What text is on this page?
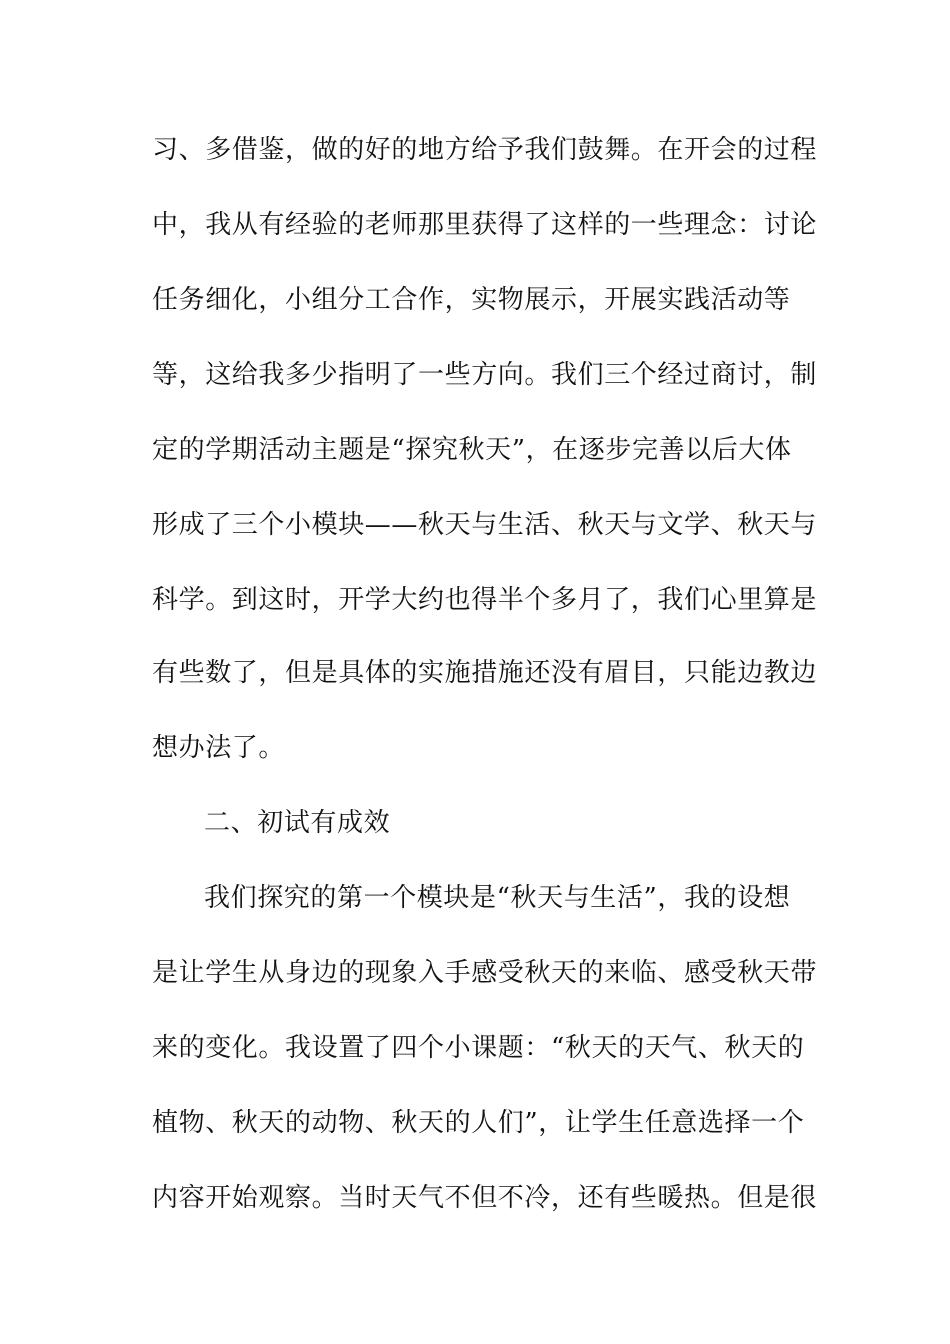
习、多借鉴，做的好的地方给予我们鼓舞。在开会的过程
中，我从有经验的老师那里获得了这样的一些理念：讨论
任务细化，小组分工合作，实物展示，开展实践活动等
等，这给我多少指明了一些方向。我们三个经过商讨，制
定的学期活动主题是“探究秋天”，在逐步完善以后大体
形成了三个小模块——秋天与生活、秋天与文学、秋天与
科学。到这时，开学大约也得半个多月了，我们心里算是
有些数了，但是具体的实施措施还没有眉目，只能边教边
想办法了。
二、初试有成效
我们探究的第一个模块是“秋天与生活”，我的设想
是让学生从身边的现象入手感受秋天的来临、感受秋天带
来的变化。我设置了四个小课题：“秋天的天气、秋天的
植物、秋天的动物、秋天的人们”，让学生任意选择一个
内容开始观察。当时天气不但不冷，还有些暖热。但是很
